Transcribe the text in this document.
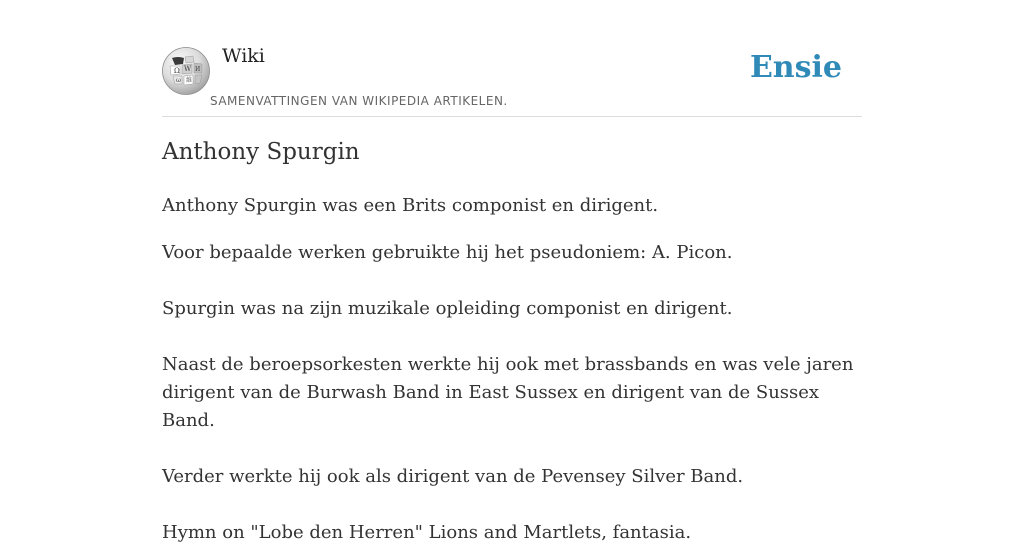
Ω W И
ω 維
Wiki
SAMENVATTINGEN VAN WIKIPEDIA ARTIKELEN.
Ensie
Anthony Spurgin

Anthony Spurgin was een Brits componist en dirigent.

Voor bepaalde werken gebruikte hij het pseudoniem: A. Picon.

Spurgin was na zijn muzikale opleiding componist en dirigent.

Naast de beroepsorkesten werkte hij ook met brassbands en was vele jaren dirigent van de Burwash Band in East Sussex en dirigent van de Sussex Band.

Verder werkte hij ook als dirigent van de Pevensey Silver Band.

Hymn on "Lobe den Herren" Lions and Martlets, fantasia.
